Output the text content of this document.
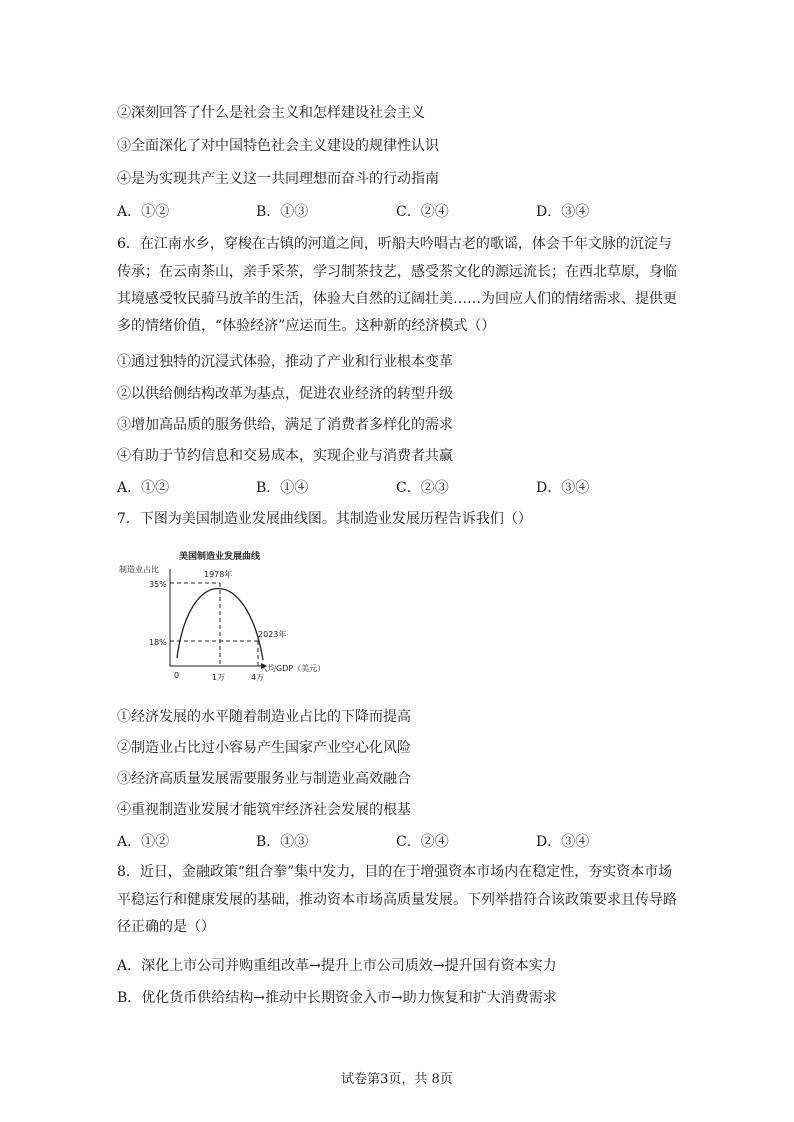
②深刻回答了什么是社会主义和怎样建设社会主义
③全面深化了对中国特色社会主义建设的规律性认识
④是为实现共产主义这一共同理想而奋斗的行动指南
A．①②	B．①③	C．②④	D．③④
6．在江南水乡，穿梭在古镇的河道之间，听船夫吟唱古老的歌谣，体会千年文脉的沉淀与
传承；在云南茶山，亲手采茶，学习制茶技艺，感受茶文化的源远流长；在西北草原，身临
其境感受牧民骑马放羊的生活，体验大自然的辽阔壮美……为回应人们的情绪需求、提供更
多的情绪价值，“体验经济”应运而生。这种新的经济模式（）
①通过独特的沉浸式体验，推动了产业和行业根本变革
②以供给侧结构改革为基点，促进农业经济的转型升级
③增加高品质的服务供给，满足了消费者多样化的需求
④有助于节约信息和交易成本，实现企业与消费者共赢
A．①②	B．①④	C．②③	D．③④
7．下图为美国制造业发展曲线图。其制造业发展历程告诉我们（）
美国制造业发展曲线
制造业占比
人均GDP（美元）
0
35%
18%
1万	4万
1978年
2023年
①经济发展的水平随着制造业占比的下降而提高
②制造业占比过小容易产生国家产业空心化风险
③经济高质量发展需要服务业与制造业高效融合
④重视制造业发展才能筑牢经济社会发展的根基
A．①②	B．①③	C．②④	D．③④
8．近日，金融政策“组合拳”集中发力，目的在于增强资本市场内在稳定性，夯实资本市场
平稳运行和健康发展的基础，推动资本市场高质量发展。下列举措符合该政策要求且传导路
径正确的是（）
A．深化上市公司并购重组改革→提升上市公司质效→提升国有资本实力
B．优化货币供给结构→推动中长期资金入市→助力恢复和扩大消费需求
试卷第3页，共 8页
